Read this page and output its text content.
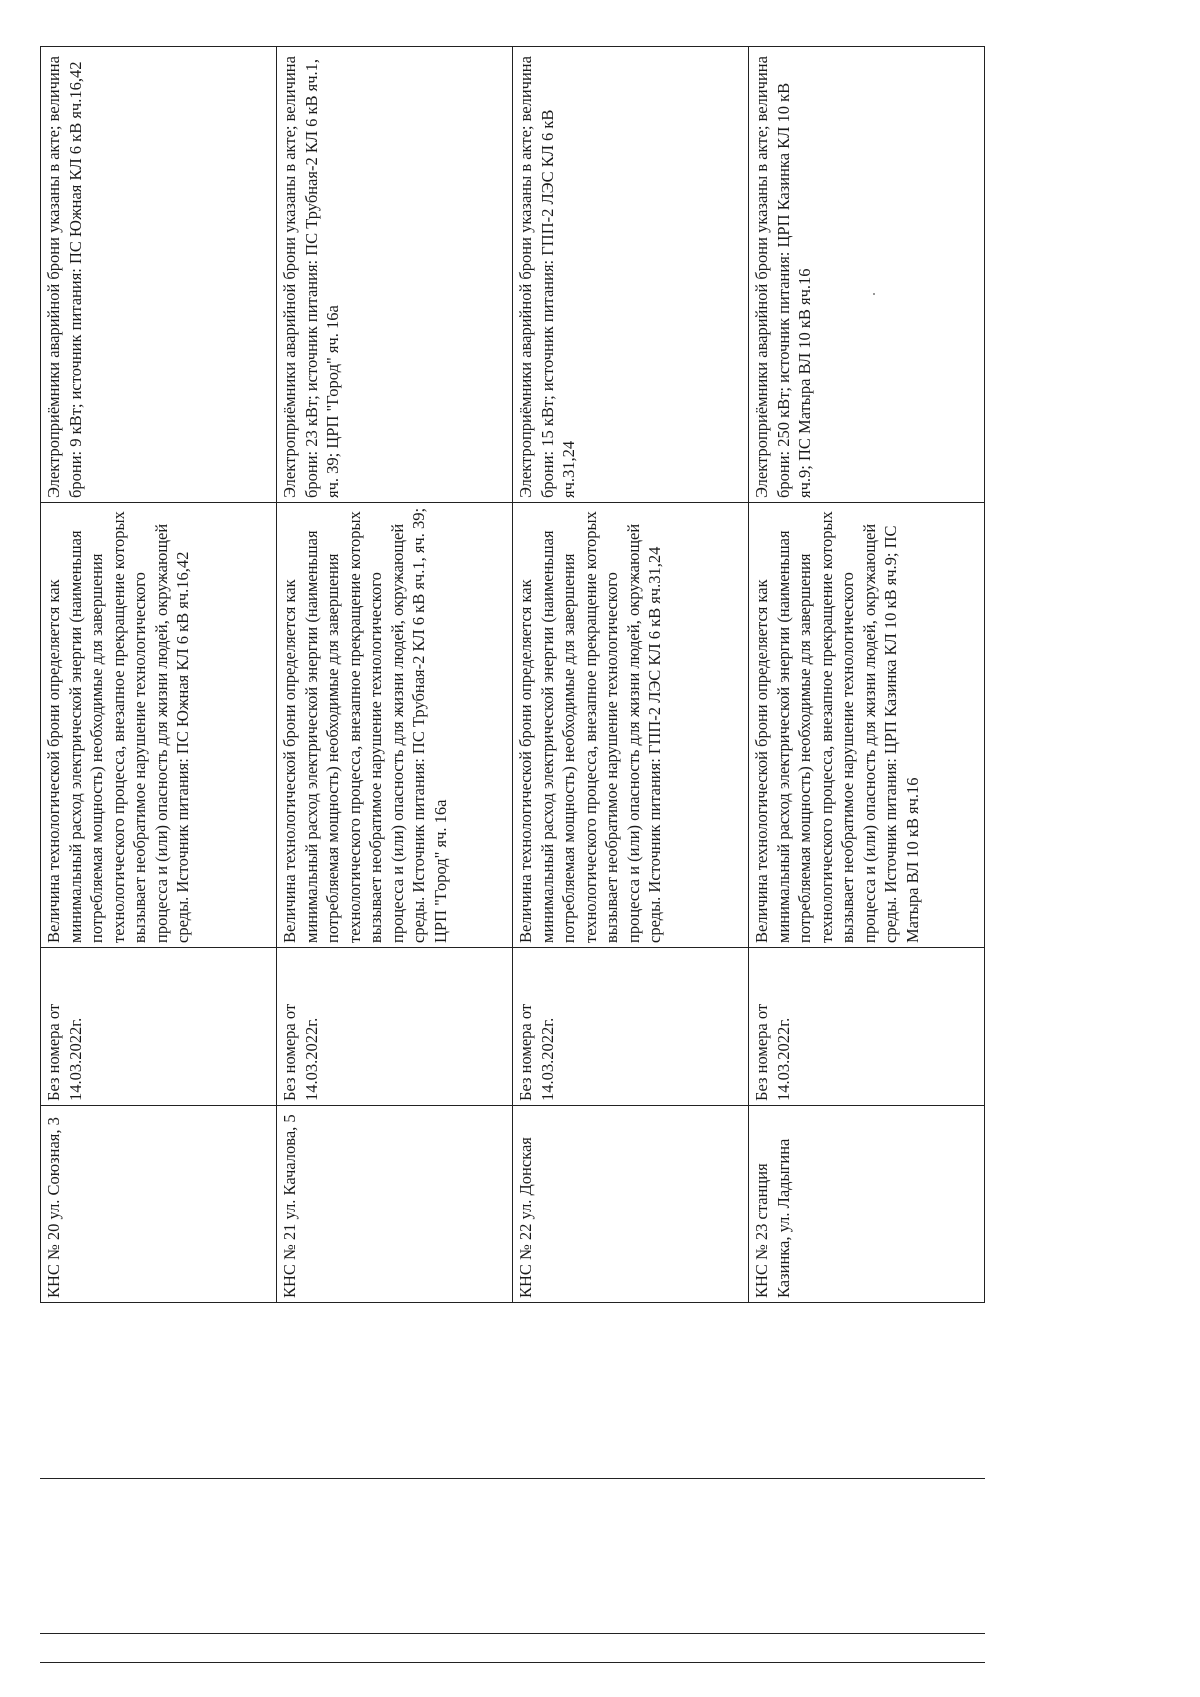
КНС № 20 ул. Союзная, 3	Без номера от 14.03.2022г.	Величина технологической брони определяется как минимальный расход электрической энергии (наименьшая потребляемая мощность) необходимые для завершения технологического процесса, внезапное прекращение которых вызывает необратимое нарушение технологического процесса и (или) опасность для жизни людей, окружающей среды. Источник питания: ПС Южная КЛ 6 кВ яч.16,42	Электроприёмники аварийной брони указаны в акте; величина брони: 9 кВт; источник питания: ПС Южная КЛ 6 кВ яч.16,42
КНС № 21 ул. Качалова, 5	Без номера от 14.03.2022г.	Величина технологической брони определяется как минимальный расход электрической энергии (наименьшая потребляемая мощность) необходимые для завершения технологического процесса, внезапное прекращение которых вызывает необратимое нарушение технологического процесса и (или) опасность для жизни людей, окружающей среды. Источник питания: ПС Трубная-2 КЛ 6 кВ яч.1, яч. 39; ЦРП "Город" яч. 16а	Электроприёмники аварийной брони указаны в акте; величина брони: 23 кВт; источник питания: ПС Трубная-2 КЛ 6 кВ яч.1, яч. 39; ЦРП "Город" яч. 16а
КНС № 22 ул. Донская	Без номера от 14.03.2022г.	Величина технологической брони определяется как минимальный расход электрической энергии (наименьшая потребляемая мощность) необходимые для завершения технологического процесса, внезапное прекращение которых вызывает необратимое нарушение технологического процесса и (или) опасность для жизни людей, окружающей среды. Источник питания: ГПП-2 ЛЭС КЛ 6 кВ яч.31,24	Электроприёмники аварийной брони указаны в акте; величина брони: 15 кВт; источник питания: ГПП-2 ЛЭС КЛ 6 кВ яч.31,24
КНС № 23 станция Казинка, ул. Ладыгина	Без номера от 14.03.2022г.	Величина технологической брони определяется как минимальный расход электрической энергии (наименьшая потребляемая мощность) необходимые для завершения технологического процесса, внезапное прекращение которых вызывает необратимое нарушение технологического процесса и (или) опасность для жизни людей, окружающей среды. Источник питания: ЦРП Казинка КЛ 10 кВ яч.9; ПС Матыра ВЛ 10 кВ яч.16	Электроприёмники аварийной брони указаны в акте; величина брони: 250 кВт; источник питания: ЦРП Казинка КЛ 10 кВ яч.9; ПС Матыра ВЛ 10 кВ яч.16
